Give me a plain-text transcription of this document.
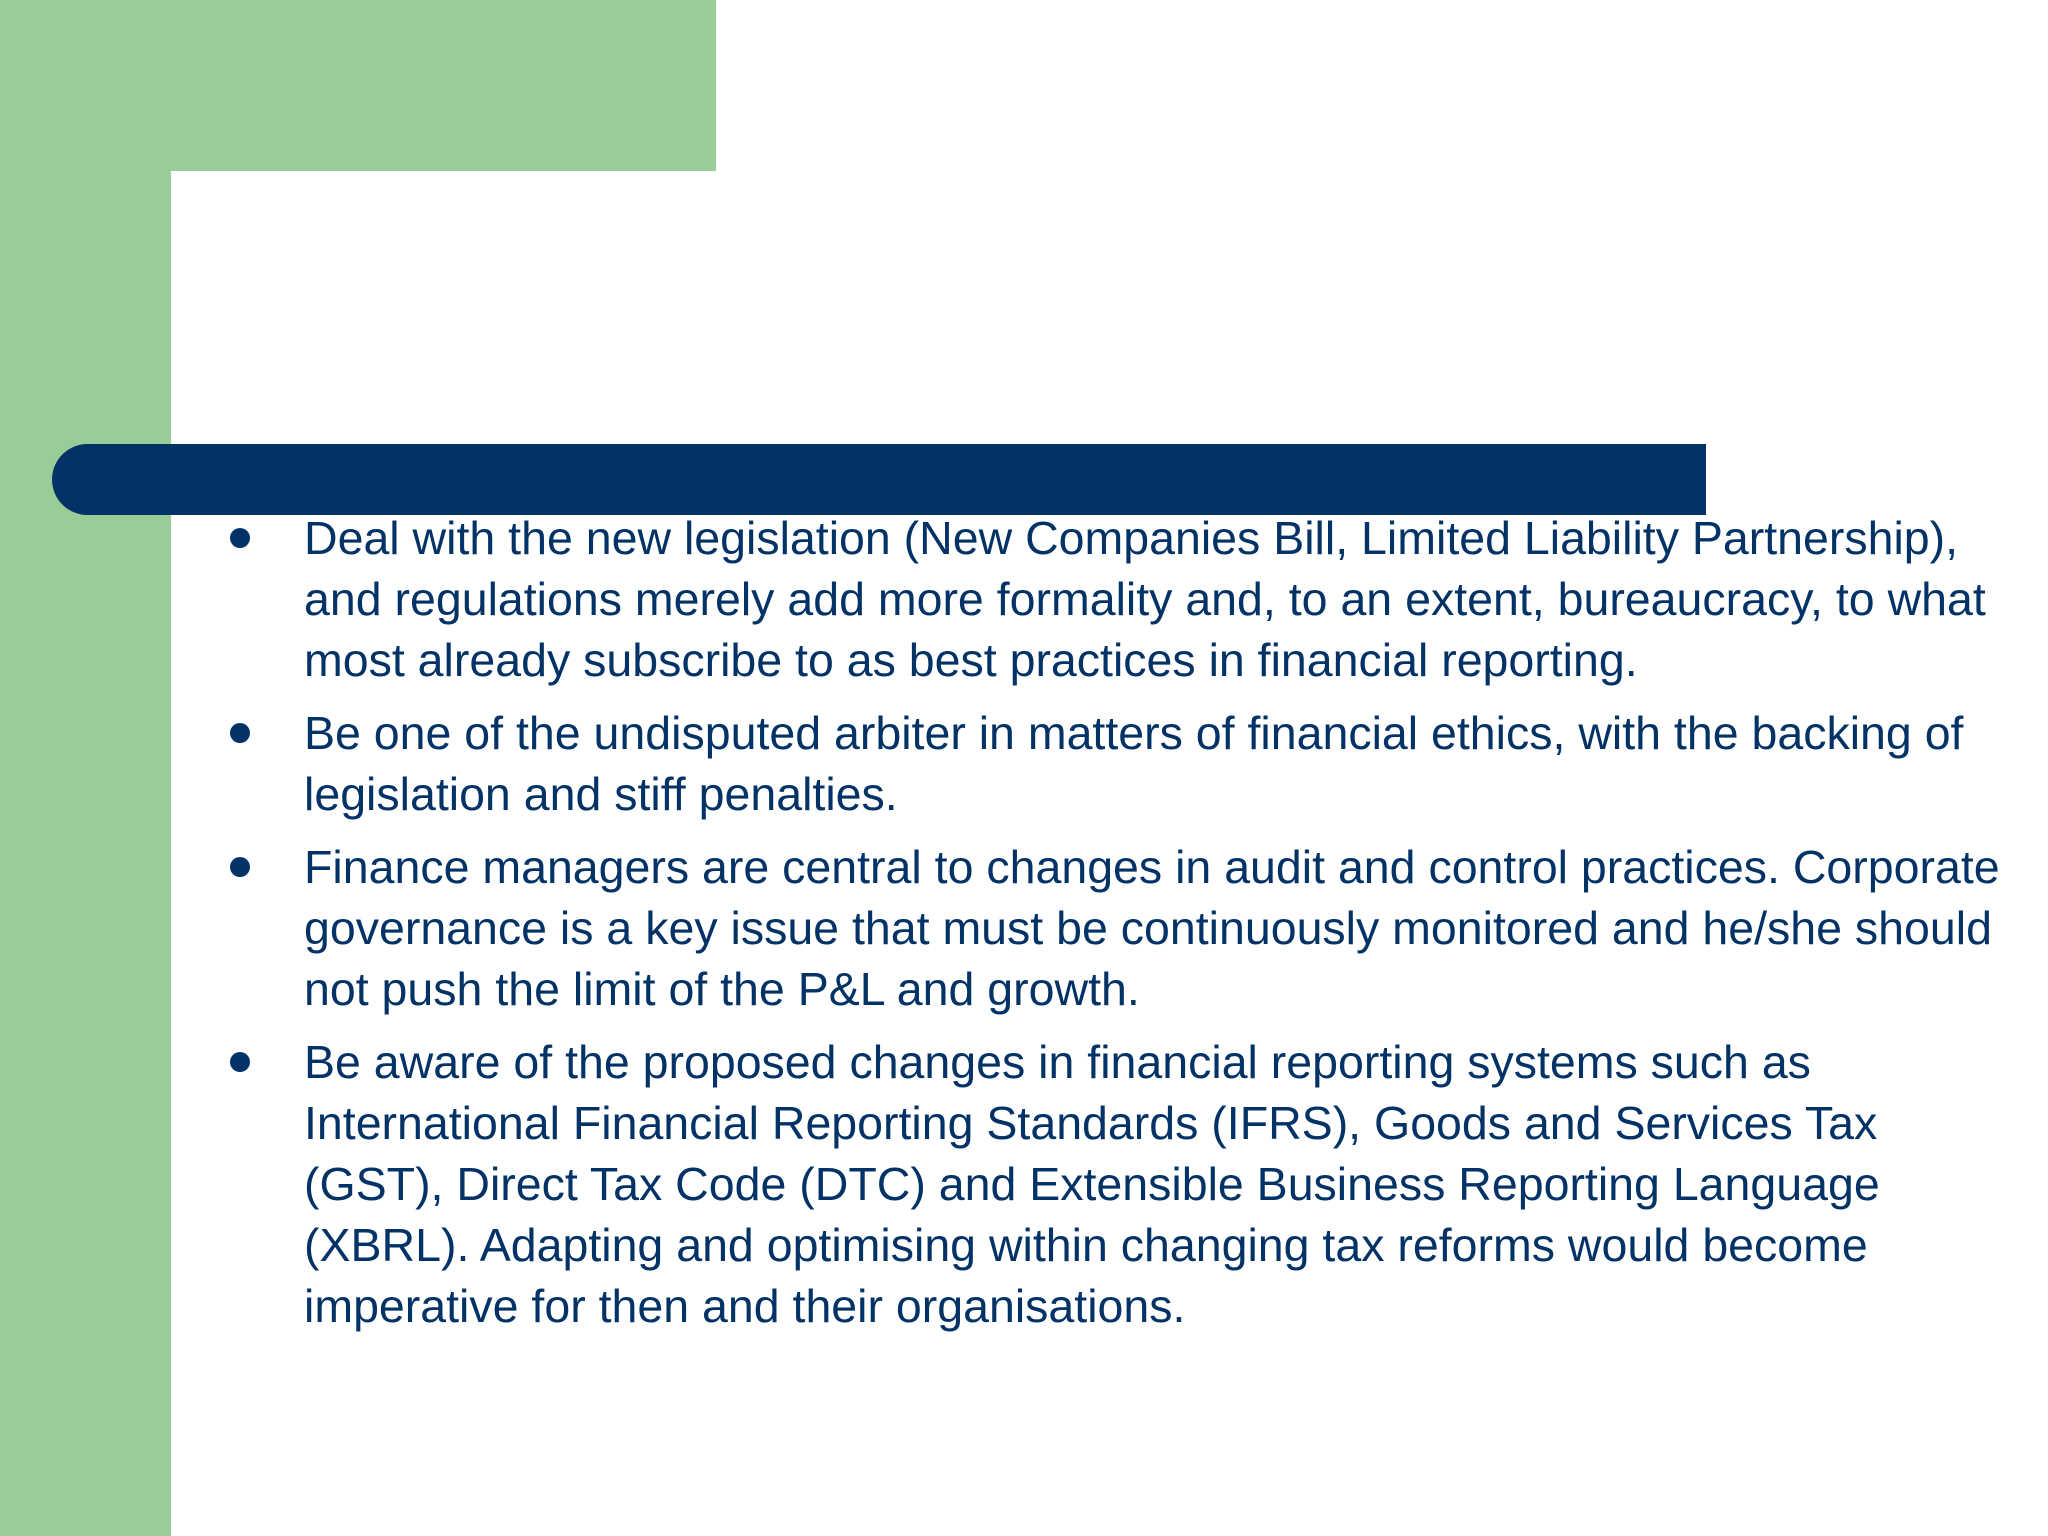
Deal with the new legislation (New Companies Bill, Limited Liability Partnership), and regulations merely add more formality and, to an extent, bureaucracy, to what most already subscribe to as best practices in financial reporting.
Be one of the undisputed arbiter in matters of financial ethics, with the backing of legislation and stiff penalties.
Finance managers are central to changes in audit and control practices. Corporate governance is a key issue that must be continuously monitored and he/she should not push the limit of the P&L and growth.
Be aware of the proposed changes in financial reporting systems such as International Financial Reporting Standards (IFRS), Goods and Services Tax (GST), Direct Tax Code (DTC) and Extensible Business Reporting Language (XBRL). Adapting and optimising within changing tax reforms would become imperative for then and their organisations.
